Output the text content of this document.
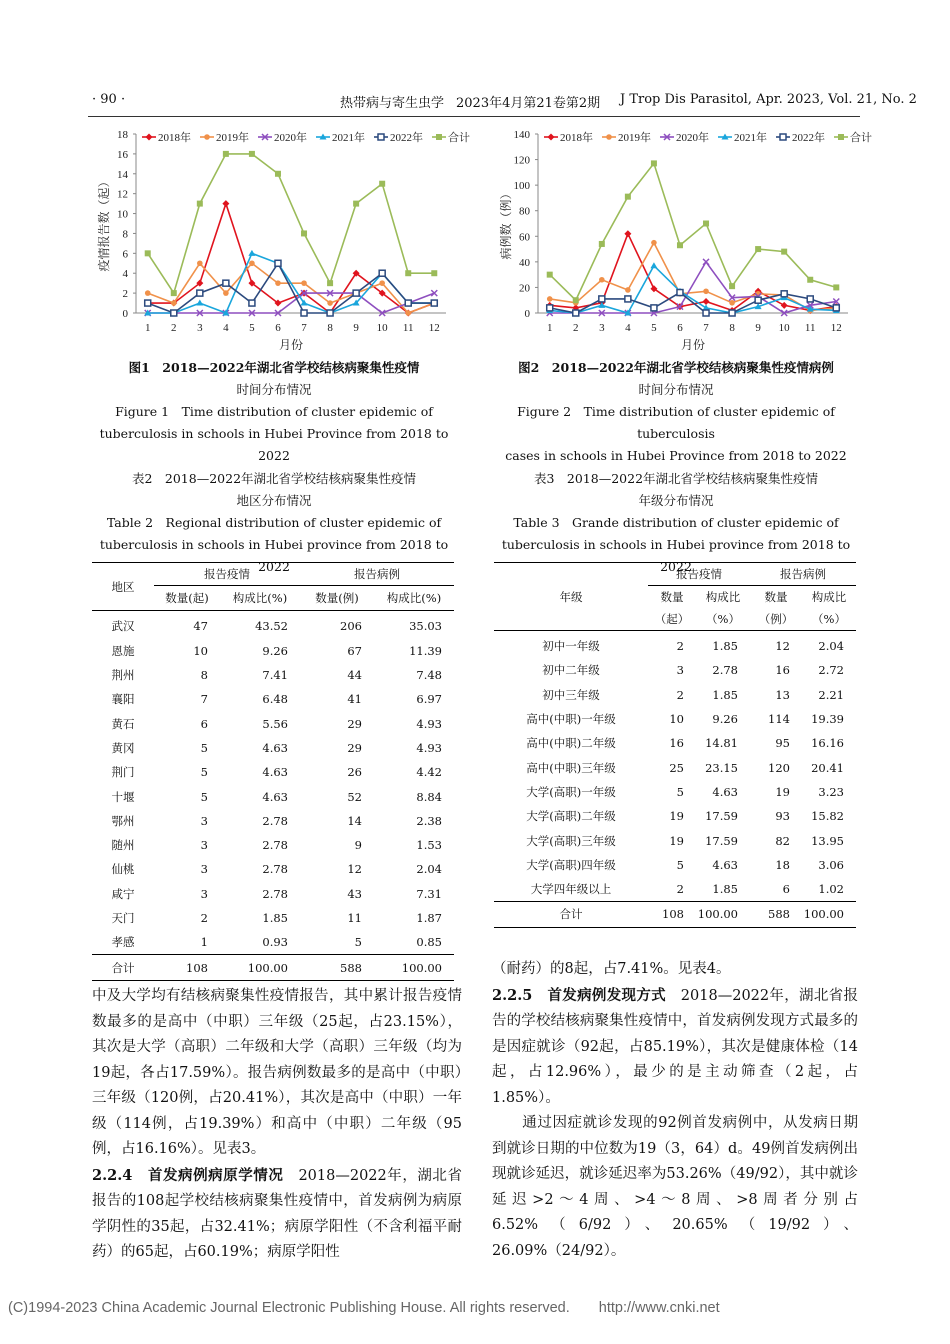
· 90 ·	热带病与寄生虫学 2023年4月第21卷第2期 J Trop Dis Parasitol, Apr. 2023, Vol. 21, No. 2
0
2
4
6
8
10
12
14
16
18
1 2 3 4 5 6 7 8 9 10 11 12
月份
疫情报告数（起）
2018年 2019年 2020年 2021年 2022年 合计
0
20
40
60
80
100
120
140
1 2 3 4 5 6 7 8 9 10 11 12
月份
病例数（例）
2018年 2019年 2020年 2021年 2022年 合计
图1　2018—2022年湖北省学校结核病聚集性疫情
时间分布情况
Figure 1　Time distribution of cluster epidemic of
tuberculosis in schools in Hubei Province from 2018 to 2022
图2　2018—2022年湖北省学校结核病聚集性疫情病例
时间分布情况
Figure 2　Time distribution of cluster epidemic of tuberculosis
cases in schools in Hubei Province from 2018 to 2022
表2　2018—2022年湖北省学校结核病聚集性疫情
地区分布情况
Table 2　Regional distribution of cluster epidemic of
tuberculosis in schools in Hubei province from 2018 to 2022
表3　2018—2022年湖北省学校结核病聚集性疫情
年级分布情况
Table 3　Grande distribution of cluster epidemic of
tuberculosis in schools in Hubei province from 2018 to 2022
地区	报告疫情		报告病例	
	数量(起)	构成比(%)	数量(例)	构成比(%)
武汉	47	43.52	206	35.03
恩施	10	9.26	67	11.39
荆州	8	7.41	44	7.48
襄阳	7	6.48	41	6.97
黄石	6	5.56	29	4.93
黄冈	5	4.63	29	4.93
荆门	5	4.63	26	4.42
十堰	5	4.63	52	8.84
鄂州	3	2.78	14	2.38
随州	3	2.78	9	1.53
仙桃	3	2.78	12	2.04
咸宁	3	2.78	43	7.31
天门	2	1.85	11	1.87
孝感	1	0.93	5	0.85
合计	108	100.00	588	100.00
年级	报告疫情		报告病例	
	数量	构成比	数量	构成比
	（起）	（%）	（例）	（%）
初中一年级	2	1.85	12	2.04
初中二年级	3	2.78	16	2.72
初中三年级	2	1.85	13	2.21
高中(中职)一年级	10	9.26	114	19.39
高中(中职)二年级	16	14.81	95	16.16
高中(中职)三年级	25	23.15	120	20.41
大学(高职)一年级	5	4.63	19	3.23
大学(高职)二年级	19	17.59	93	15.82
大学(高职)三年级	19	17.59	82	13.95
大学(高职)四年级	5	4.63	18	3.06
大学四年级以上	2	1.85	6	1.02
合计	108	100.00	588	100.00

中及大学均有结核病聚集性疫情报告，其中累计报告疫情数最多的是高中（中职）三年级（25起，占23.15%），其次是大学（高职）二年级和大学（高职）三年级（均为19起，各占17.59%）。报告病例数最多的是高中（中职）三年级（120例，占20.41%），其次是高中（中职）一年级（114例，占19.39%）和高中（中职）二年级（95例，占16.16%）。见表3。

2.2.4　首发病例病原学情况　2018—2022年，湖北省报告的108起学校结核病聚集性疫情中，首发病例为病原学阴性的35起，占32.41%；病原学阳性（不含利福平耐药）的65起，占60.19%；病原学阳性

（耐药）的8起，占7.41%。见表4。

2.2.5　首发病例发现方式　2018—2022年，湖北省报告的学校结核病聚集性疫情中，首发病例发现方式最多的是因症就诊（92起，占85.19%），其次是健康体检（14起，占12.96%），最少的是主动筛查（2起，占1.85%）。

　　通过因症就诊发现的92例首发病例中，从发病日期到就诊日期的中位数为19（3，64）d。49例首发病例出现就诊延迟，就诊延迟率为53.26%（49/92），其中就诊延迟>2～4周、>4～8周、>8周者分别占6.52%（6/92）、20.65%（19/92）、26.09%（24/92）。

(C)1994-2023 China Academic Journal Electronic Publishing House. All rights reserved.　　http://www.cnki.net
